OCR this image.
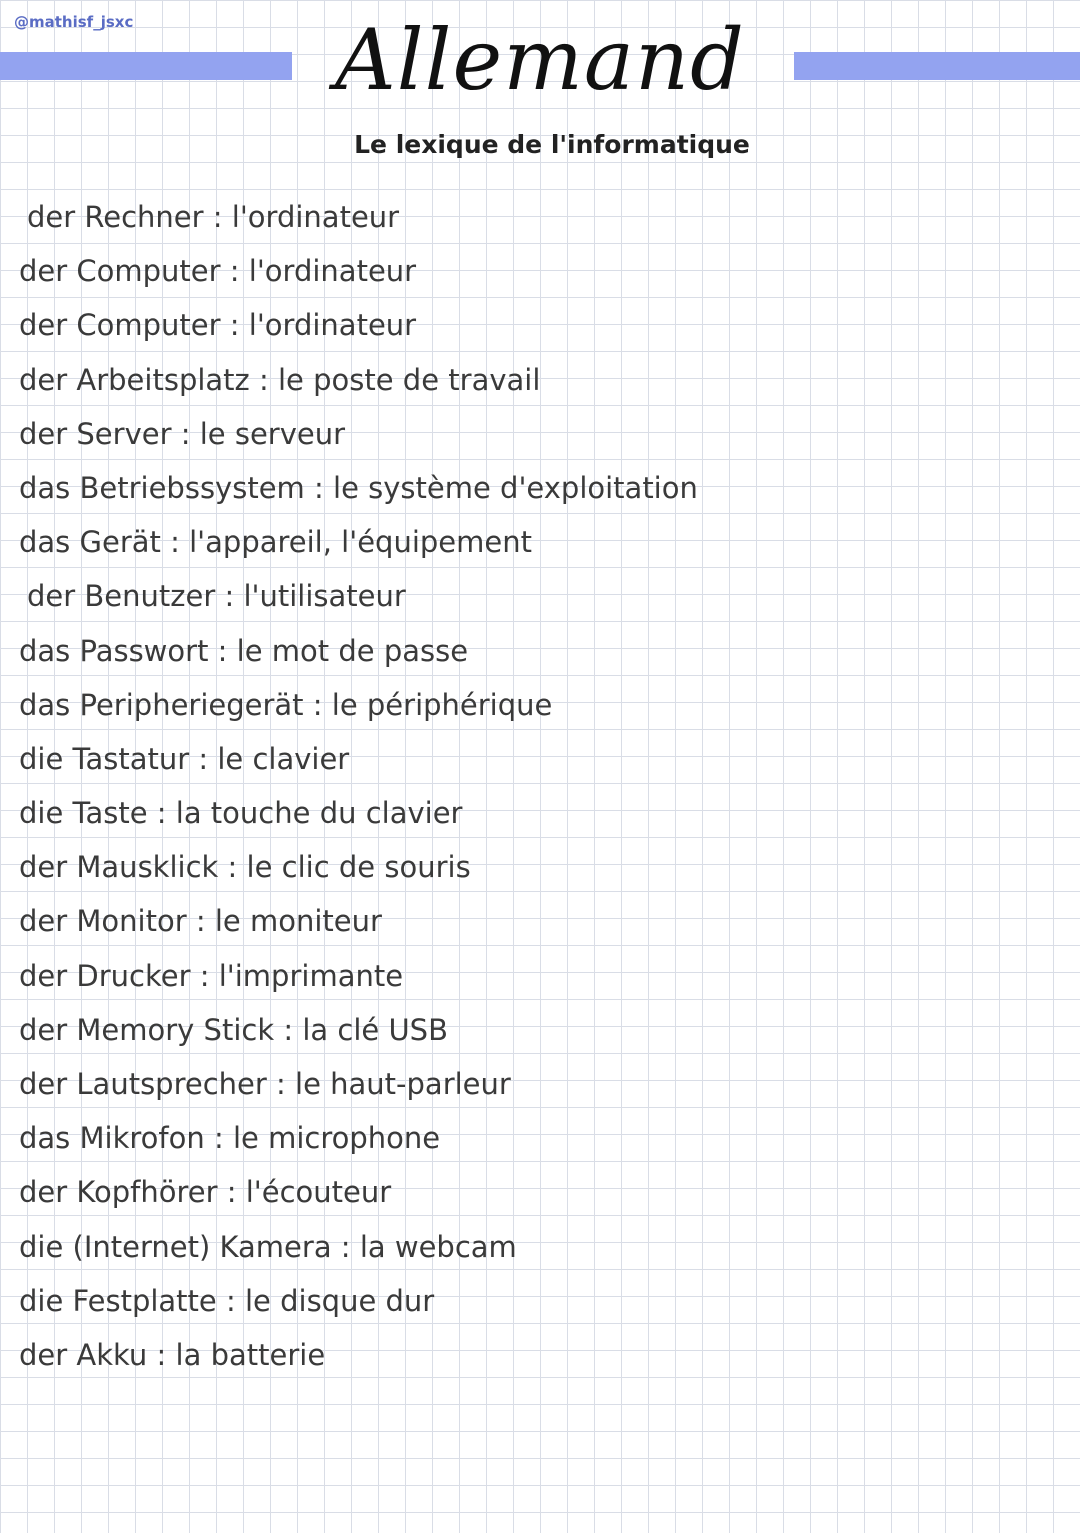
@mathisf_jsxc	Allemand
Le lexique de l'informatique
der Rechner : l'ordinateur
der Computer : l'ordinateur
der Computer : l'ordinateur
der Arbeitsplatz : le poste de travail
der Server : le serveur
das Betriebssystem : le système d'exploitation
das Gerät : l'appareil, l'équipement
der Benutzer : l'utilisateur
das Passwort : le mot de passe
das Peripheriegerät : le périphérique
die Tastatur : le clavier
die Taste : la touche du clavier
der Mausklick : le clic de souris
der Monitor : le moniteur
der Drucker : l'imprimante
der Memory Stick : la clé USB
der Lautsprecher : le haut-parleur
das Mikrofon : le microphone
der Kopfhörer : l'écouteur
die (Internet) Kamera : la webcam
die Festplatte : le disque dur
der Akku : la batterie
